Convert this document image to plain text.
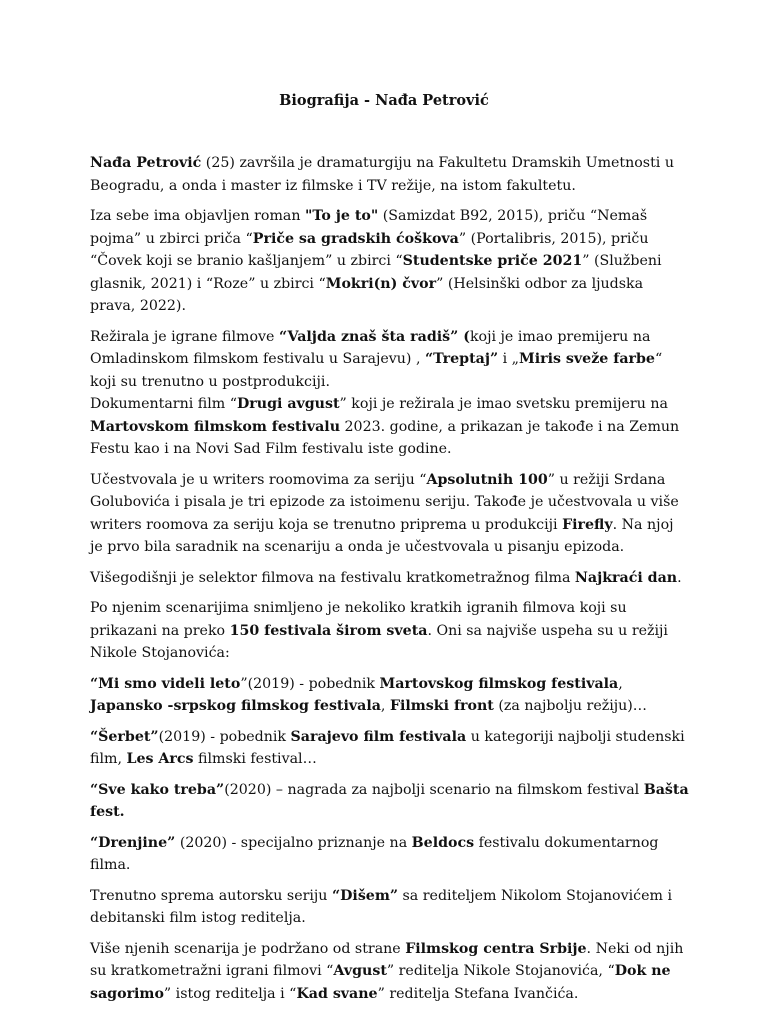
Biografija - Nađa Petrović

Nađa Petrović (25) završila je dramaturgiju na Fakultetu Dramskih Umetnosti u Beogradu, a onda i master iz filmske i TV režije, na istom fakultetu.

Iza sebe ima objavljen roman "To je to" (Samizdat B92, 2015), priču “Nemaš pojma” u zbirci priča “Priče sa gradskih ćoškova” (Portalibris, 2015), priču “Čovek koji se branio kašljanjem” u zbirci “Studentske priče 2021” (Službeni glasnik, 2021) i “Roze” u zbirci “Mokri(n) čvor” (Helsinški odbor za ljudska prava, 2022).

Režirala je igrane filmove “Valjda znaš šta radiš” (koji je imao premijeru na Omladinskom filmskom festivalu u Sarajevu) , “Treptaj” i „Miris sveže farbe“ koji su trenutno u postprodukciji.

Dokumentarni film “Drugi avgust” koji je režirala je imao svetsku premijeru na Martovskom filmskom festivalu 2023. godine, a prikazan je takođe i na Zemun Festu kao i na Novi Sad Film festivalu iste godine.

Učestvovala je u writers roomovima za seriju “Apsolutnih 100” u režiji Srdana Golubovića i pisala je tri epizode za istoimenu seriju. Takođe je učestvovala u više writers roomova za seriju koja se trenutno priprema u produkciji Firefly. Na njoj je prvo bila saradnik na scenariju a onda je učestvovala u pisanju epizoda.

Višegodišnji je selektor filmova na festivalu kratkometražnog filma Najkraći dan.

Po njenim scenarijima snimljeno je nekoliko kratkih igranih filmova koji su prikazani na preko 150 festivala širom sveta. Oni sa najviše uspeha su u režiji Nikole Stojanovića:

“Mi smo videli leto”(2019) - pobednik Martovskog filmskog festivala, Japansko -srpskog filmskog festivala, Filmski front (za najbolju režiju)…

“Šerbet”(2019) - pobednik Sarajevo film festivala u kategoriji najbolji studenski film, Les Arcs filmski festival…

“Sve kako treba”(2020) – nagrada za najbolji scenario na filmskom festival Bašta fest.

“Drenjine” (2020) - specijalno priznanje na Beldocs festivalu dokumentarnog filma.

Trenutno sprema autorsku seriju “Dišem” sa rediteljem Nikolom Stojanovićem i debitanski film istog reditelja.

Više njenih scenarija je podržano od strane Filmskog centra Srbije. Neki od njih su kratkometražni igrani filmovi “Avgust” reditelja Nikole Stojanovića, “Dok ne sagorimo” istog reditelja i “Kad svane” reditelja Stefana Ivančića.
